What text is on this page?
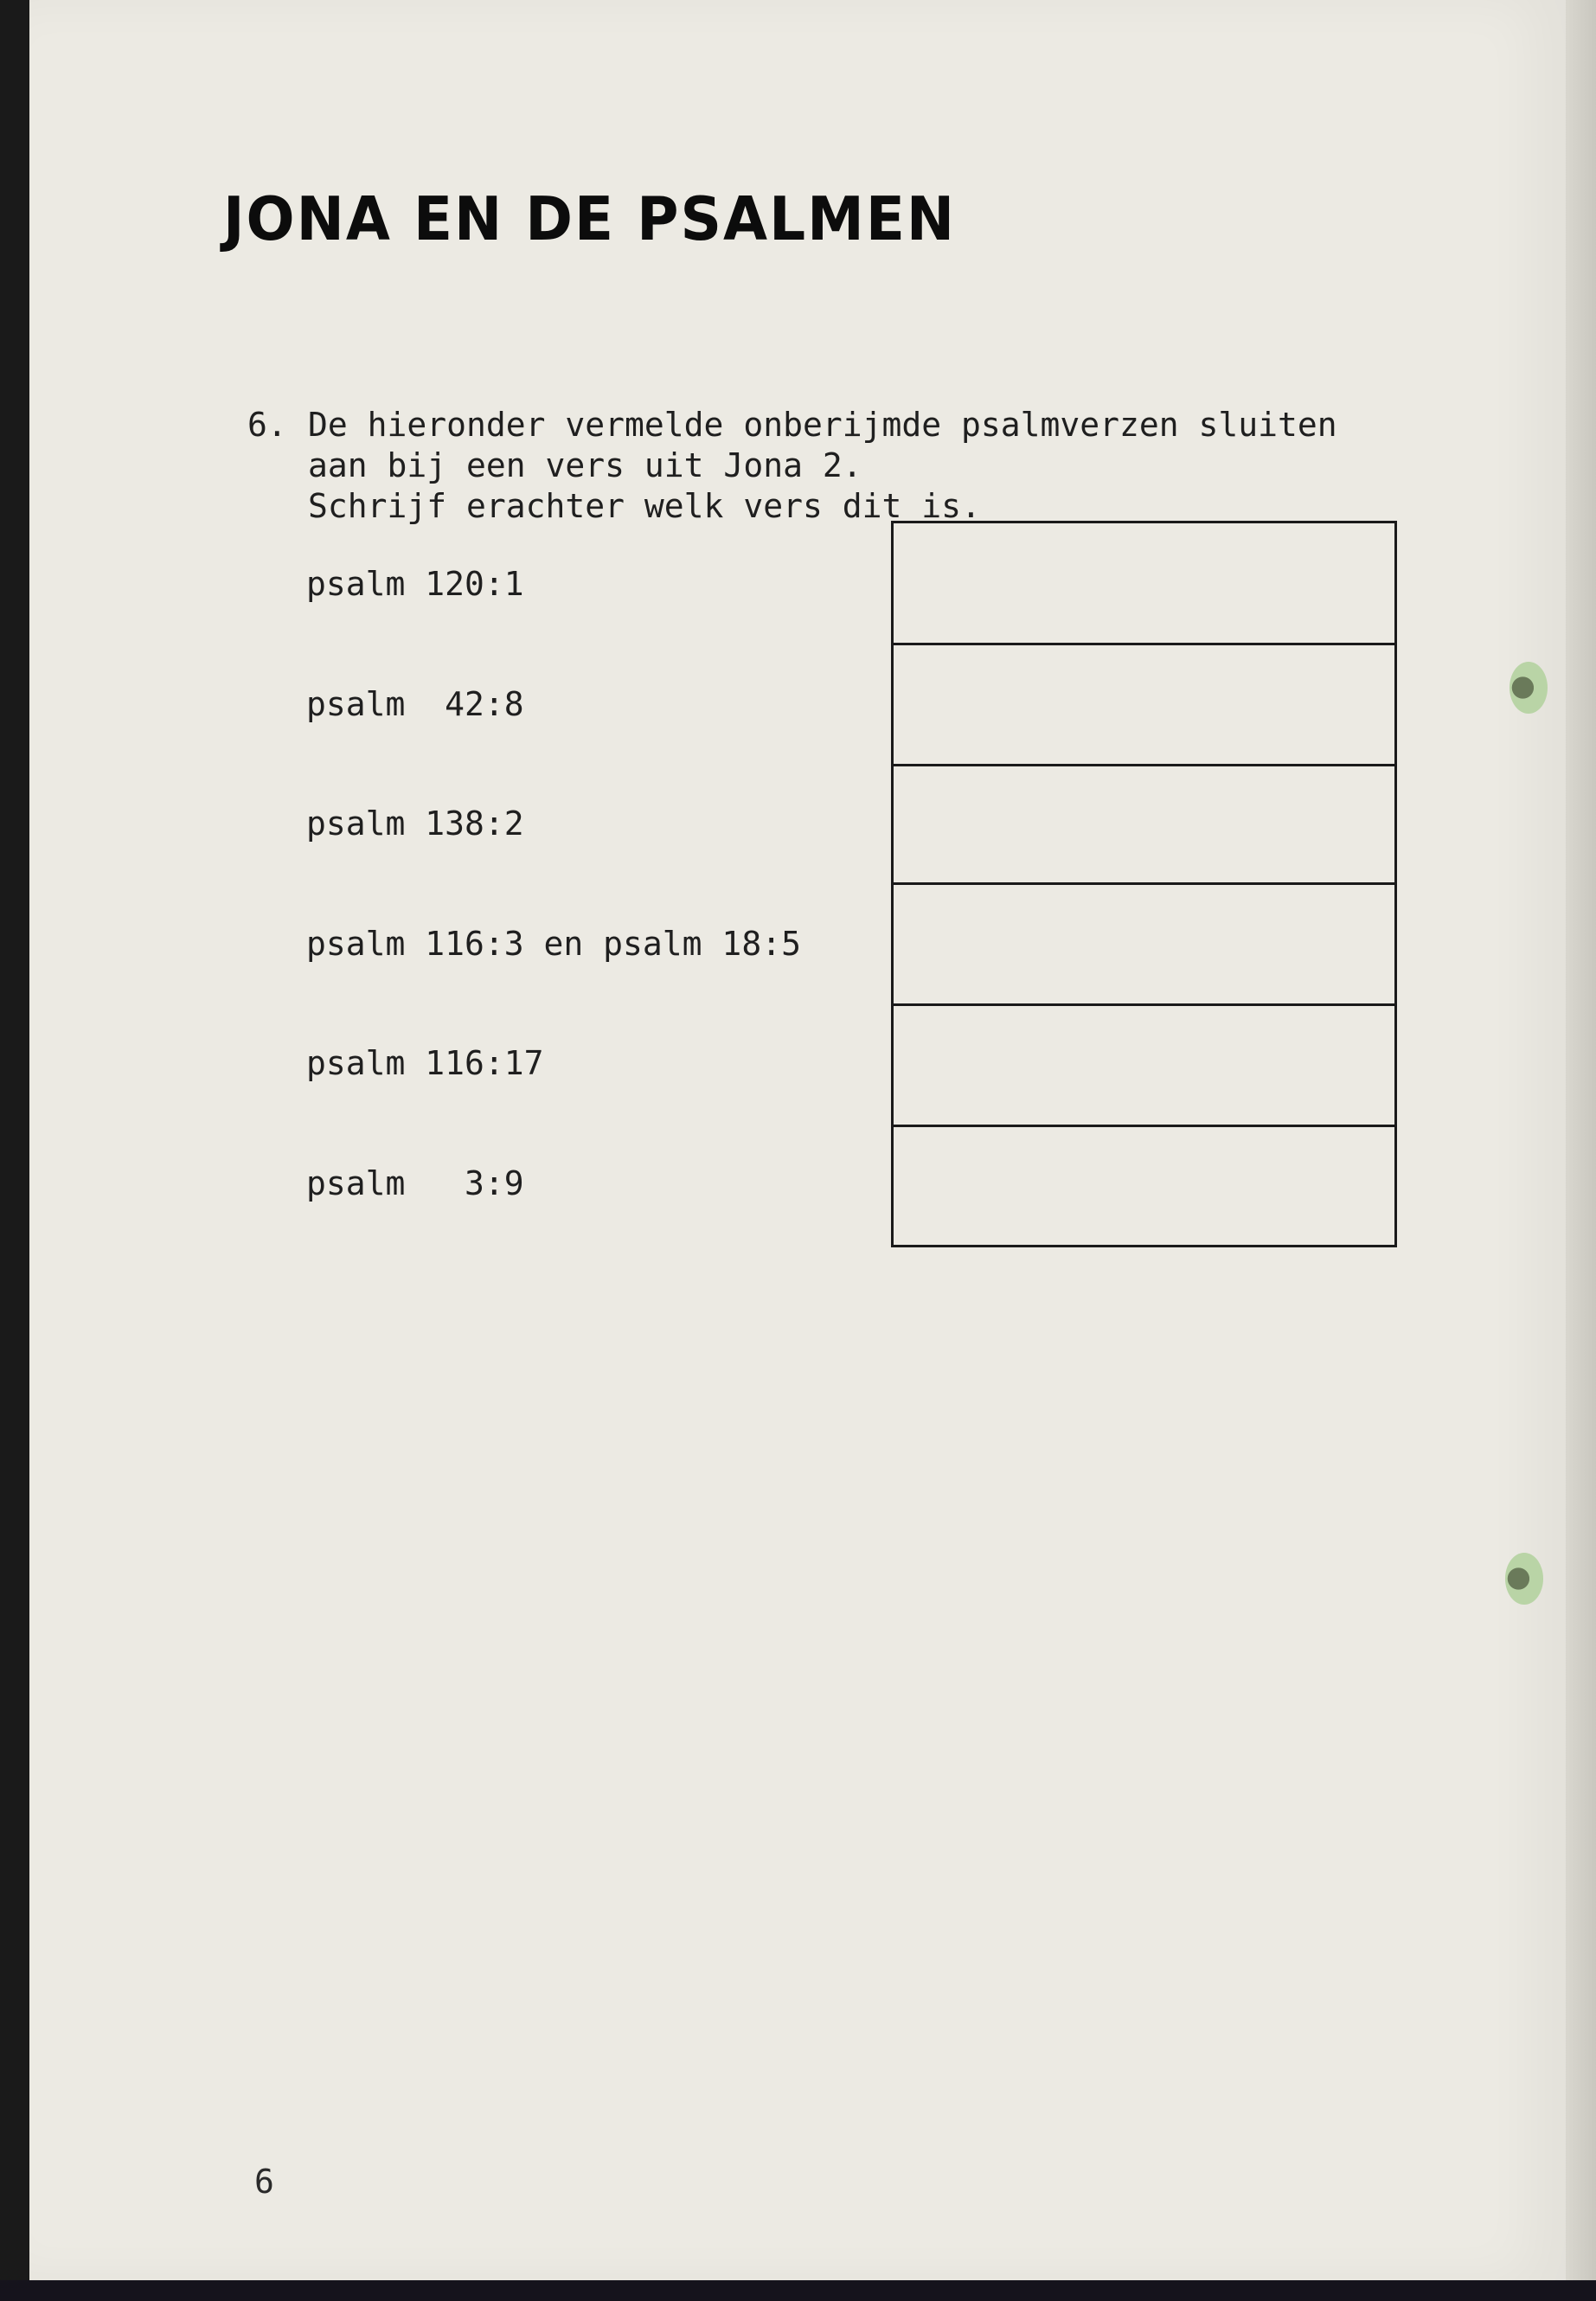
JONA EN DE PSALMEN

6.

De hieronder vermelde onberijmde psalmverzen sluiten

aan bij een vers uit Jona 2.

Schrijf erachter welk vers dit is.

psalm 120:1
psalm  42:8
psalm 138:2
psalm 116:3 en psalm 18:5
psalm 116:17
psalm   3:9
6
